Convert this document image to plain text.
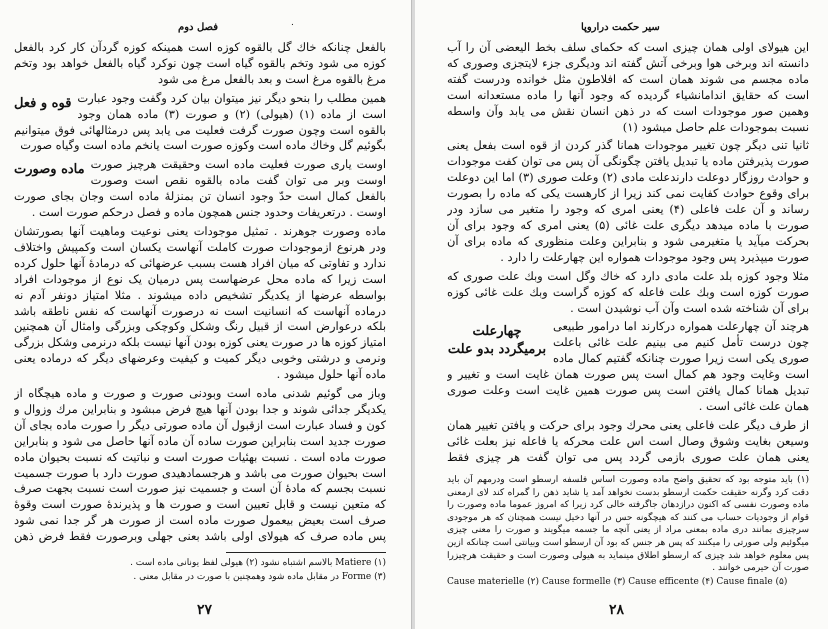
فصل دوم	۰

بالفعل چنانکه خاك گل بالقوه کوزه است همینکه کوزه گردآن کار کرد بالفعل کوزه می شود وتخم بالقوه گیاه است چون نوکرد گیاه بالفعل خواهد بود وتخم مرغ بالقوه مرغ است و بعد بالفعل مرغ می شود

قوه و فعل همین مطلب را بنحو دیگر نیز میتوان بیان کرد وگفت وجود عبارت است از ماده (۱) (هیولی) (۲) و صورت (۳) ماده همان وجود بالقوه است وچون صورت گرفت فعلیت می یابد پس درمثالهائی فوق میتوانیم بگوئیم گل وخاك ماده است وکوزه صورت است یانخم ماده است وگیاه صورت

ماده وصورت اوست یاری صورت فعلیت ماده است وحقیقت هرچیز صورت اوست وبر می توان گفت ماده بالقوه نقص است وصورت بالفعل کمال است حدّ وجود انسان تن بمنزلهٔ ماده است وجان بجای صورت اوست . درتعریفات وحدود جنس همچون ماده و فصل درحکم صورت است .

ماده وصورت جوهرند . تمثیل موجودات یعنی نوعیت وماهیت آنها بصورتشان ودر هرنوع ازموجودات صورت کاملت آنهاست یکسان است وکمپیش واختلاف ندارد و تفاوتی که میان افراد هست بسبب عرضهائی که درمادهٔ آنها حلول کرده است زیرا که ماده محل عرضهاست پس درمیان یک نوع از موجودات افراد بواسطه عرضها از یکدیگر تشخیص داده میشوند . مثلا امتیاز دونفر آدم نه درماده آنهاست که انسانیت است نه درصورت آنهاست که نفس ناطقه باشد بلکه درعوارض است از قبیل رنگ وشکل وکوچکی وبزرگی وامثال آن همچنین امتیاز کوزه ها در صورت یعنی کوزه بودن آنها نیست بلکه درنرمی وشکل بزرگی ونرمی و درشتی وخوبی دیگر کمیت و کیفیت وعرضهای دیگر که درماده یعنی ماده آنها حلول میشود .

وباز می گوئیم شدنی ماده است وبودنی صورت و صورت و ماده هیچگاه از یکدیگر جدائی شوند و جدا بودن آنها هیچ فرض مبشود و بنابراین مرك وزوال و کون و فساد عبارت است ازقبول آن ماده صورتی دیگر را صورت ماده بجای آن صورت جدید است بنابراین صورت ساده آن ماده آنها حاصل می شود و بنابراین صورت ماده است . نسبت بهئیات صورت است و نباتیت که نسبت بحیوان ماده است بحیوان صورت می باشد و هرجسمادهیدی صورت دارد با صورت جسمیت نسبت بجسم که مادهٔ آن است و جسمیت نیز صورت است نسبت بجهت صرف که متعین نیست و قابل تعیین است و صورت ها و پذیرندهٔ صورت است وقوهٔ صرف است بعیض بیعمول صورت ماده است از صورت هر گر جدا نمی شود پس ماده صرف که هیولای اولی باشد بعنی جهلی وبرصورت فقط فرض ذهن

(۱) Matiere بالاسم اشتباه نشود (۲) هیولی لفظ یونانی ماده است .

(۳) Forme در مقابل ماده شود وهمچنین با صورت در مقابل معنی .

۲۷
سیر حکمت دراروپا

این هیولای اولی همان چیزی است که حکمای سلف بخط الیعضی آن را آب دانسته اند وبرخی هوا وبرخی آتش گفته اند ودیگری جزء لایتجزی وصوری که ماده مجسم می شوند همان است که افلاطون مثل خوانده ودرست گفته است که حقایق اندامانشیاء گردیده که وجود آنها را ماده مستعدانه است وهمین صور موجودات است که در ذهن انسان نقش می یابد وآن واسطه نسبت بموجودات علم حاصل میشود (۱)

ثانیا تنی دیگر چون تغییر موجودات همانا گذر کردن از قوه است بفعل یعنی صورت پذیرفتن ماده یا تبدیل یافتن چگونگی آن پس می توان کفت موجودات و حوادث روزگار دوعلت دارندعلت مادی (۲) وعلت صوری (۳) اما این دوعلت برای وقوع حوادث کفایت نمی کند زیرا از کارهست یکی که ماده را بصورت رساند و آن علت فاعلی (۴) یعنی امری که وجود را متغیر می سازد ودر صورت با ماده میدهد دیگری علت غائی (۵) یعنی امری که وجود برای آن بحرکت میآید یا متغیرمی شود و بنابراین وعلت منظوری که ماده برای آن صورت میپذیرد پس وجود موجودات همواره این چهارعلت را دارد .

مثلا وجود کوزه بلد علت مادی دارد که خاك وگل است وبك علت صوری که صورت کوزه است وبك علت فاعله که کوزه گراست وبك علت غائی کوزه برای آن شناخته شده است وآن آب نوشیدن است .

چهارعلت برمیگردد بدو علت

هرچند آن چهارعلت همواره درکارند اما درامور طبیعی چون درست تأمل کنیم می بینیم علت غائی باعلت صوری یکی است زیرا صورت چنانکه گفتیم کمال ماده است وغایت وجود هم کمال است پس صورت همان غایت است و تغییر و تبدیل همانا کمال یافتن است پس صورت همین غایت است وعلت صوری همان علت غائی است .

از طرف دیگر علت فاعلی یعنی محرك وجود برای حرکت و یافتن تغییر همان وسیعن بغایت وشوق وصال است اس علت محرکه یا فاعله نیز بعلت غائی یعنی همان علت صوری بازمی گردد پس می توان گفت هر چیزی فقط

(۱) باید متوجه بود که تحقیق واضح ماده وصورت اساس فلسفه ارسطو است ودرمهم آن باید دقت کرد وگرنه حقیقت حکمت ارسطو بدست نخواهد آمد یا شاید ذهن را گمراه کند لای ارمعنی ماده وصورت نفسی که اکنون درازدهان جاگرفته خالی کرد زیرا که امروز عموما ماده وصورت را قوام از وجودیات حساب می کنند که هیچگونه حس در آنها دخیل نیست همچنان که هر موجودی سرچیزی بمانند دری ماده بمعنی مراد از یعنی آنچه ما جسمه میگویند و صورت را معنی چیزی میگوئیم ولی صورتی را میکنند که پس هر جنس که بود آن ارسطو است وبیانتی است چنانکه ازین پس معلوم خواهد شد چیزی که ارسطو اطلاق مینماید به هیولی وصورت است و حقیقت هرچیزرا صورت آن حیرمی خوانند .

Cause materielle (۲) Cause formelle (۳) Cause efficente (۴) Cause finale (۵)

۲۸
